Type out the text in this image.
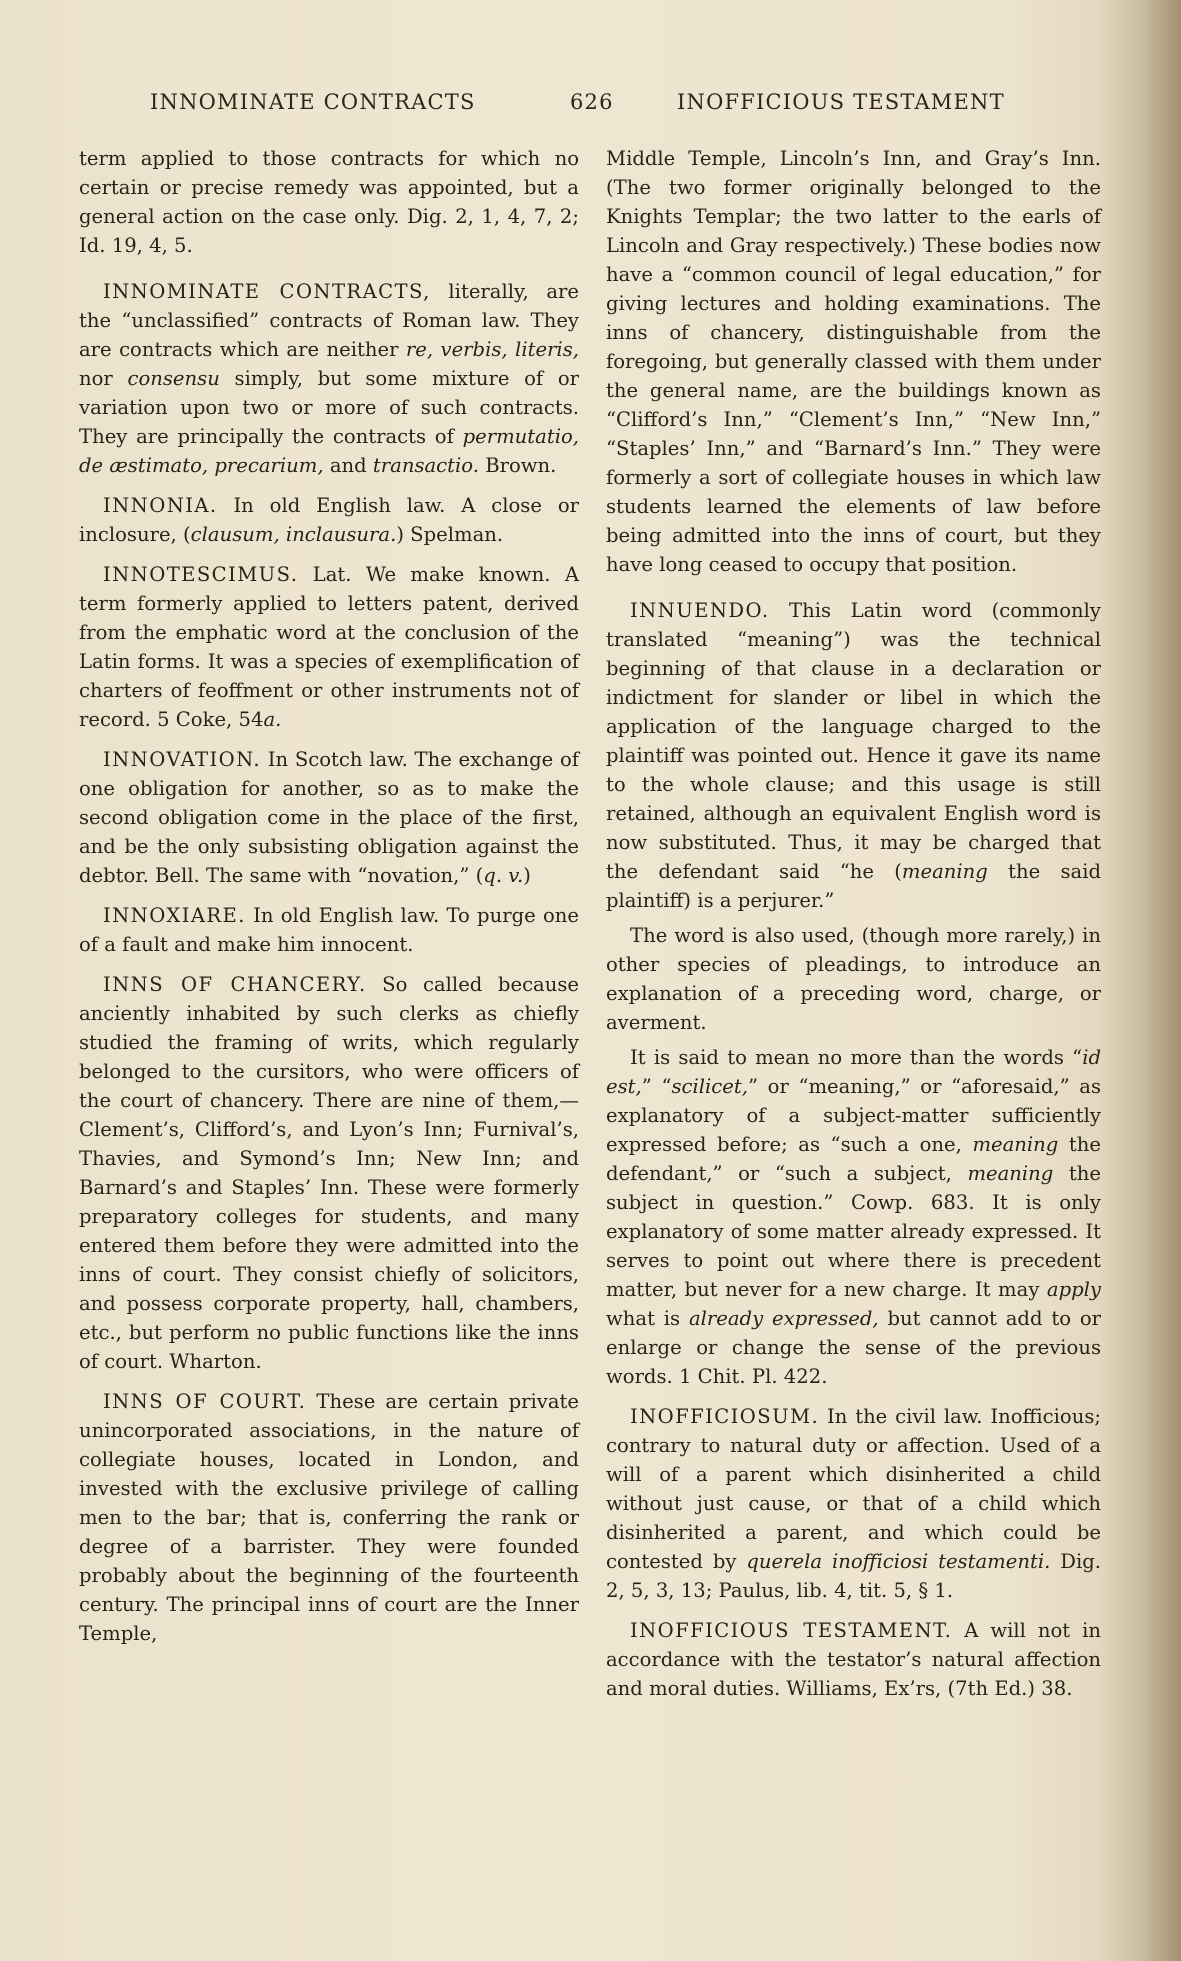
INNOMINATE CONTRACTS	626	INOFFICIOUS TESTAMENT

term applied to those contracts for which no certain or precise remedy was appointed, but a general action on the case only. Dig. 2, 1, 4, 7, 2; Id. 19, 4, 5.

INNOMINATE CONTRACTS, literally, are the “unclassified” contracts of Roman law. They are contracts which are neither re, verbis, literis, nor consensu simply, but some mixture of or variation upon two or more of such contracts. They are principally the contracts of permutatio, de æstimato, precarium, and transactio. Brown.

INNONIA. In old English law. A close or inclosure, (clausum, inclausura.) Spelman.

INNOTESCIMUS. Lat. We make known. A term formerly applied to letters patent, derived from the emphatic word at the conclusion of the Latin forms. It was a species of exemplification of charters of feoffment or other instruments not of record. 5 Coke, 54a.

INNOVATION. In Scotch law. The exchange of one obligation for another, so as to make the second obligation come in the place of the first, and be the only subsisting obligation against the debtor. Bell. The same with “novation,” (q. v.)

INNOXIARE. In old English law. To purge one of a fault and make him innocent.

INNS OF CHANCERY. So called because anciently inhabited by such clerks as chiefly studied the framing of writs, which regularly belonged to the cursitors, who were officers of the court of chancery. There are nine of them,—Clement’s, Clifford’s, and Lyon’s Inn; Furnival’s, Thavies, and Symond’s Inn; New Inn; and Barnard’s and Staples’ Inn. These were formerly preparatory colleges for students, and many entered them before they were admitted into the inns of court. They consist chiefly of solicitors, and possess corporate property, hall, chambers, etc., but perform no public functions like the inns of court. Wharton.

INNS OF COURT. These are certain private unincorporated associations, in the nature of collegiate houses, located in London, and invested with the exclusive privilege of calling men to the bar; that is, conferring the rank or degree of a barrister. They were founded probably about the beginning of the fourteenth century. The principal inns of court are the Inner Temple,

Middle Temple, Lincoln’s Inn, and Gray’s Inn. (The two former originally belonged to the Knights Templar; the two latter to the earls of Lincoln and Gray respectively.) These bodies now have a “common council of legal education,” for giving lectures and holding examinations. The inns of chancery, distinguishable from the foregoing, but generally classed with them under the general name, are the buildings known as “Clifford’s Inn,” “Clement’s Inn,” “New Inn,” “Staples’ Inn,” and “Barnard’s Inn.” They were formerly a sort of collegiate houses in which law students learned the elements of law before being admitted into the inns of court, but they have long ceased to occupy that position.

INNUENDO. This Latin word (commonly translated “meaning”) was the technical beginning of that clause in a declaration or indictment for slander or libel in which the application of the language charged to the plaintiff was pointed out. Hence it gave its name to the whole clause; and this usage is still retained, although an equivalent English word is now substituted. Thus, it may be charged that the defendant said “he (meaning the said plaintiff) is a perjurer.”

The word is also used, (though more rarely,) in other species of pleadings, to introduce an explanation of a preceding word, charge, or averment.

It is said to mean no more than the words “id est,” “scilicet,” or “meaning,” or “aforesaid,” as explanatory of a subject-matter sufficiently expressed before; as “such a one, meaning the defendant,” or “such a subject, meaning the subject in question.” Cowp. 683. It is only explanatory of some matter already expressed. It serves to point out where there is precedent matter, but never for a new charge. It may apply what is already expressed, but cannot add to or enlarge or change the sense of the previous words. 1 Chit. Pl. 422.

INOFFICIOSUM. In the civil law. Inofficious; contrary to natural duty or affection. Used of a will of a parent which disinherited a child without just cause, or that of a child which disinherited a parent, and which could be contested by querela inofficiosi testamenti. Dig. 2, 5, 3, 13; Paulus, lib. 4, tit. 5, § 1.

INOFFICIOUS TESTAMENT. A will not in accordance with the testator’s natural affection and moral duties. Williams, Ex’rs, (7th Ed.) 38.
